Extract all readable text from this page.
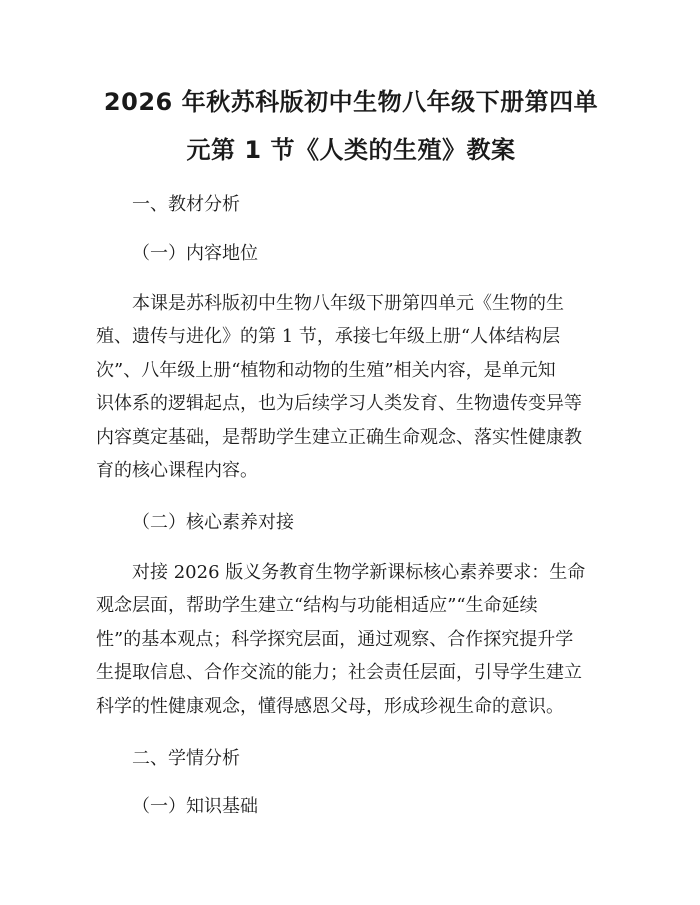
2026 年秋苏科版初中生物八年级下册第四单
元第 1 节《人类的生殖》教案

一、教材分析

（一）内容地位

本课是苏科版初中生物八年级下册第四单元《生物的生
殖、遗传与进化》的第 1 节，承接七年级上册“人体结构层
次”、八年级上册“植物和动物的生殖”相关内容，是单元知
识体系的逻辑起点，也为后续学习人类发育、生物遗传变异等
内容奠定基础，是帮助学生建立正确生命观念、落实性健康教
育的核心课程内容。

（二）核心素养对接

对接 2026 版义务教育生物学新课标核心素养要求：生命
观念层面，帮助学生建立“结构与功能相适应”“生命延续
性”的基本观点；科学探究层面，通过观察、合作探究提升学
生提取信息、合作交流的能力；社会责任层面，引导学生建立
科学的性健康观念，懂得感恩父母，形成珍视生命的意识。

二、学情分析

（一）知识基础
